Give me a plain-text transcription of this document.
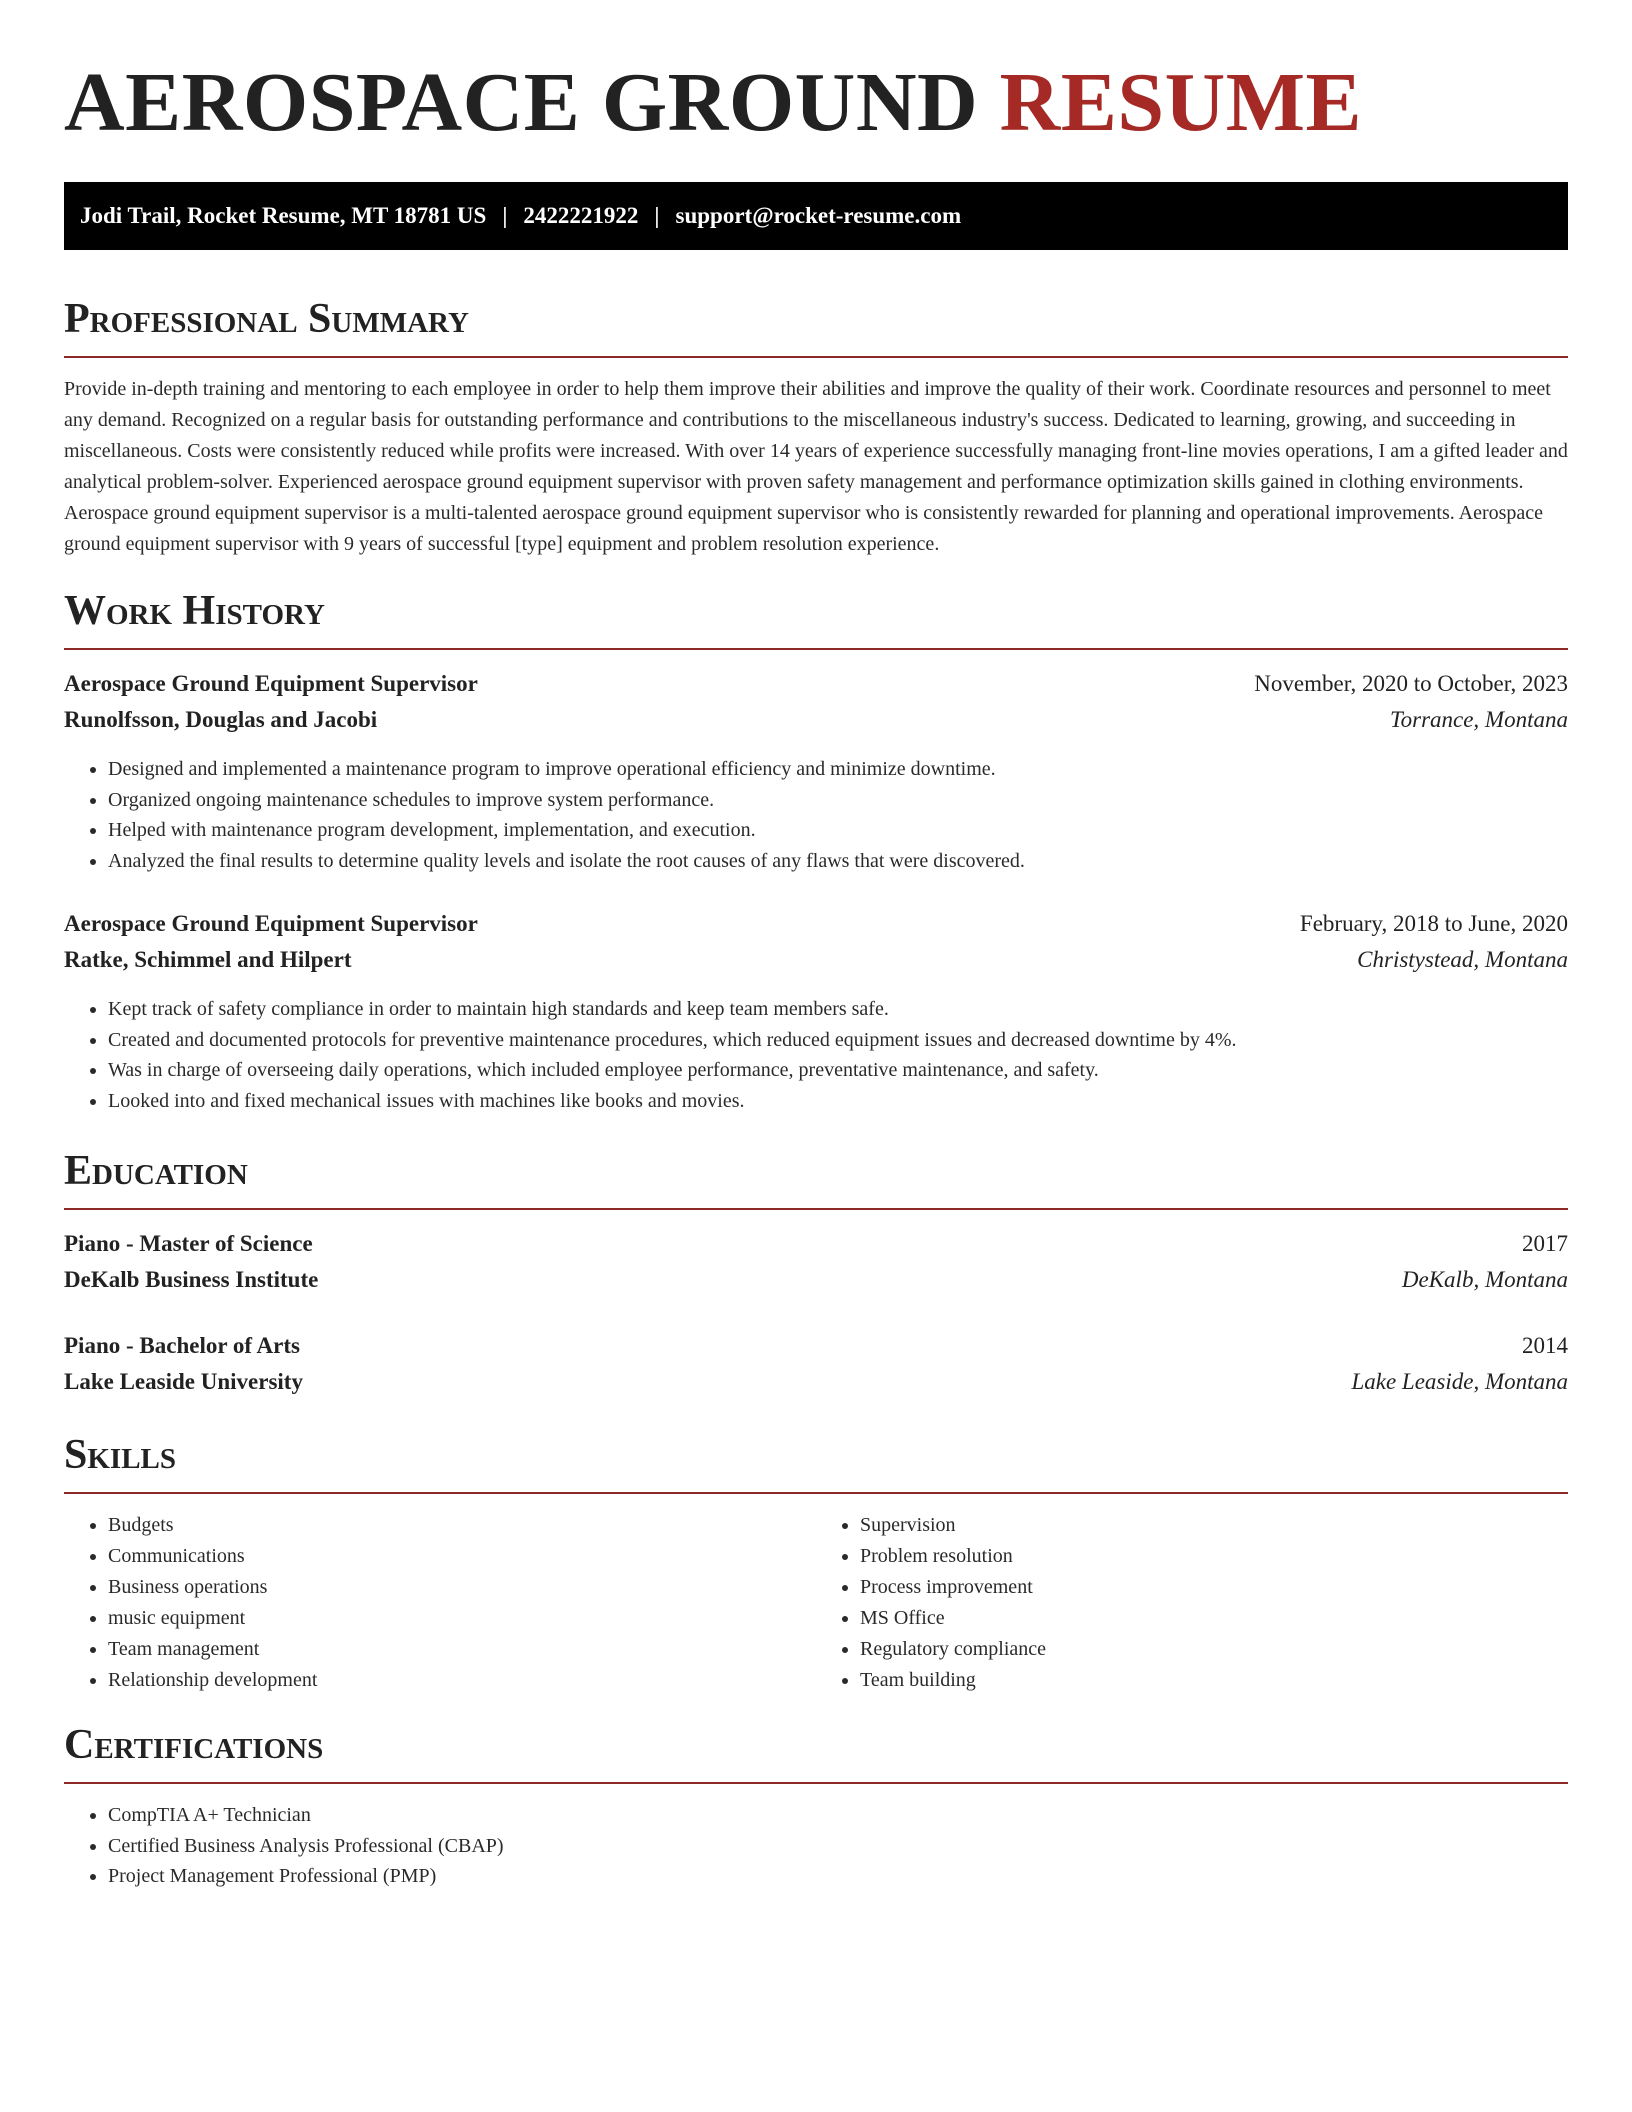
AEROSPACE GROUND RESUME
Jodi Trail, Rocket Resume, MT 18781 US | 2422221922 | support@rocket-resume.com
Professional Summary

Provide in-depth training and mentoring to each employee in order to help them improve their abilities and improve the quality of their work. Coordinate resources and personnel to meet any demand. Recognized on a regular basis for outstanding performance and contributions to the miscellaneous industry's success. Dedicated to learning, growing, and succeeding in miscellaneous. Costs were consistently reduced while profits were increased. With over 14 years of experience successfully managing front-line movies operations, I am a gifted leader and analytical problem-solver. Experienced aerospace ground equipment supervisor with proven safety management and performance optimization skills gained in clothing environments. Aerospace ground equipment supervisor is a multi-talented aerospace ground equipment supervisor who is consistently rewarded for planning and operational improvements. Aerospace ground equipment supervisor with 9 years of successful [type] equipment and problem resolution experience.

Work History
Aerospace Ground Equipment Supervisor	November, 2020 to October, 2023
Runolfsson, Douglas and Jacobi	Torrance, Montana
• Designed and implemented a maintenance program to improve operational efficiency and minimize downtime.
• Organized ongoing maintenance schedules to improve system performance.
• Helped with maintenance program development, implementation, and execution.
• Analyzed the final results to determine quality levels and isolate the root causes of any flaws that were discovered.
Aerospace Ground Equipment Supervisor	February, 2018 to June, 2020
Ratke, Schimmel and Hilpert	Christystead, Montana
• Kept track of safety compliance in order to maintain high standards and keep team members safe.
• Created and documented protocols for preventive maintenance procedures, which reduced equipment issues and decreased downtime by 4%.
• Was in charge of overseeing daily operations, which included employee performance, preventative maintenance, and safety.
• Looked into and fixed mechanical issues with machines like books and movies.
Education
Piano - Master of Science	2017
DeKalb Business Institute	DeKalb, Montana
Piano - Bachelor of Arts	2014
Lake Leaside University	Lake Leaside, Montana
Skills
• Budgets
• Communications
• Business operations
• music equipment
• Team management
• Relationship development
• Supervision
• Problem resolution
• Process improvement
• MS Office
• Regulatory compliance
• Team building
Certifications
• CompTIA A+ Technician
• Certified Business Analysis Professional (CBAP)
• Project Management Professional (PMP)
